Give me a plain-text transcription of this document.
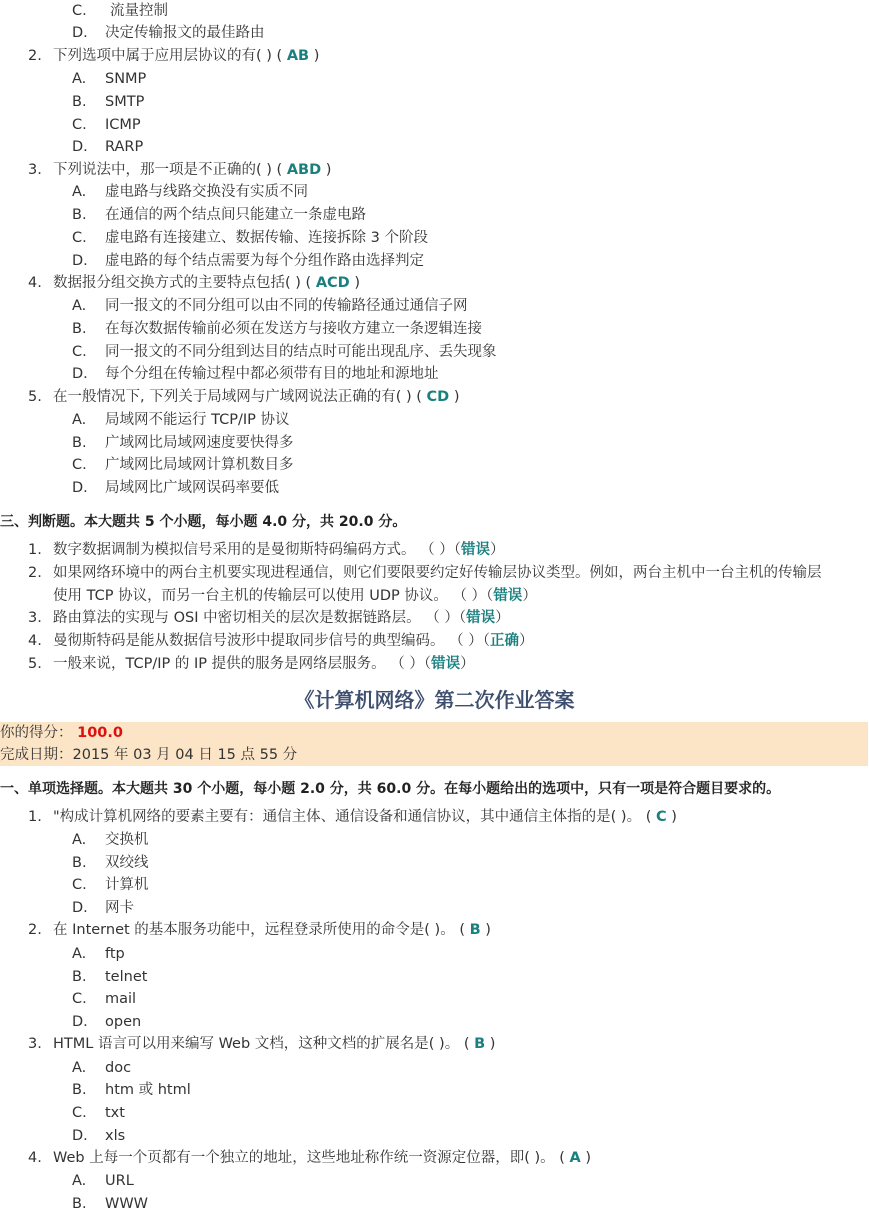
C. 流量控制
D. 决定传输报文的最佳路由
2. 下列选项中属于应用层协议的有( ) ( AB )
A. SNMP
B. SMTP
C. ICMP
D. RARP
3. 下列说法中，那一项是不正确的( ) ( ABD )
A. 虚电路与线路交换没有实质不同
B. 在通信的两个结点间只能建立一条虚电路
C. 虚电路有连接建立、数据传输、连接拆除 3 个阶段
D. 虚电路的每个结点需要为每个分组作路由选择判定
4. 数据报分组交换方式的主要特点包括( ) ( ACD )
A. 同一报文的不同分组可以由不同的传输路径通过通信子网
B. 在每次数据传输前必须在发送方与接收方建立一条逻辑连接
C. 同一报文的不同分组到达目的结点时可能出现乱序、丢失现象
D. 每个分组在传输过程中都必须带有目的地址和源地址
5. 在一般情况下, 下列关于局域网与广域网说法正确的有( ) ( CD )
A. 局域网不能运行 TCP/IP 协议
B. 广域网比局域网速度要快得多
C. 广域网比局域网计算机数目多
D. 局域网比广域网误码率要低
三、判断题。本大题共 5 个小题，每小题 4.0 分，共 20.0 分。
1. 数字数据调制为模拟信号采用的是曼彻斯特码编码方式。 （ ）（错误）
2. 如果网络环境中的两台主机要实现进程通信，则它们要限要约定好传输层协议类型。例如，两台主机中一台主机的传输层
使用 TCP 协议，而另一台主机的传输层可以使用 UDP 协议。 （ ）（错误）
3. 路由算法的实现与 OSI 中密切相关的层次是数据链路层。 （ ）（错误）
4. 曼彻斯特码是能从数据信号波形中提取同步信号的典型编码。 （ ）（正确）
5. 一般来说，TCP/IP 的 IP 提供的服务是网络层服务。 （ ）（错误）
《计算机网络》第二次作业答案
你的得分： 100.0
完成日期：2015 年 03 月 04 日 15 点 55 分
一、单项选择题。本大题共 30 个小题，每小题 2.0 分，共 60.0 分。在每小题给出的选项中，只有一项是符合题目要求的。
1. "构成计算机网络的要素主要有：通信主体、通信设备和通信协议，其中通信主体指的是( )。 ( C )
A. 交换机
B. 双绞线
C. 计算机
D. 网卡
2. 在 Internet 的基本服务功能中，远程登录所使用的命令是( )。 ( B )
A. ftp
B. telnet
C. mail
D. open
3. HTML 语言可以用来编写 Web 文档，这种文档的扩展名是( )。 ( B )
A. doc
B. htm 或 html
C. txt
D. xls
4. Web 上每一个页都有一个独立的地址，这些地址称作统一资源定位器，即( )。 ( A )
A. URL
B. WWW
